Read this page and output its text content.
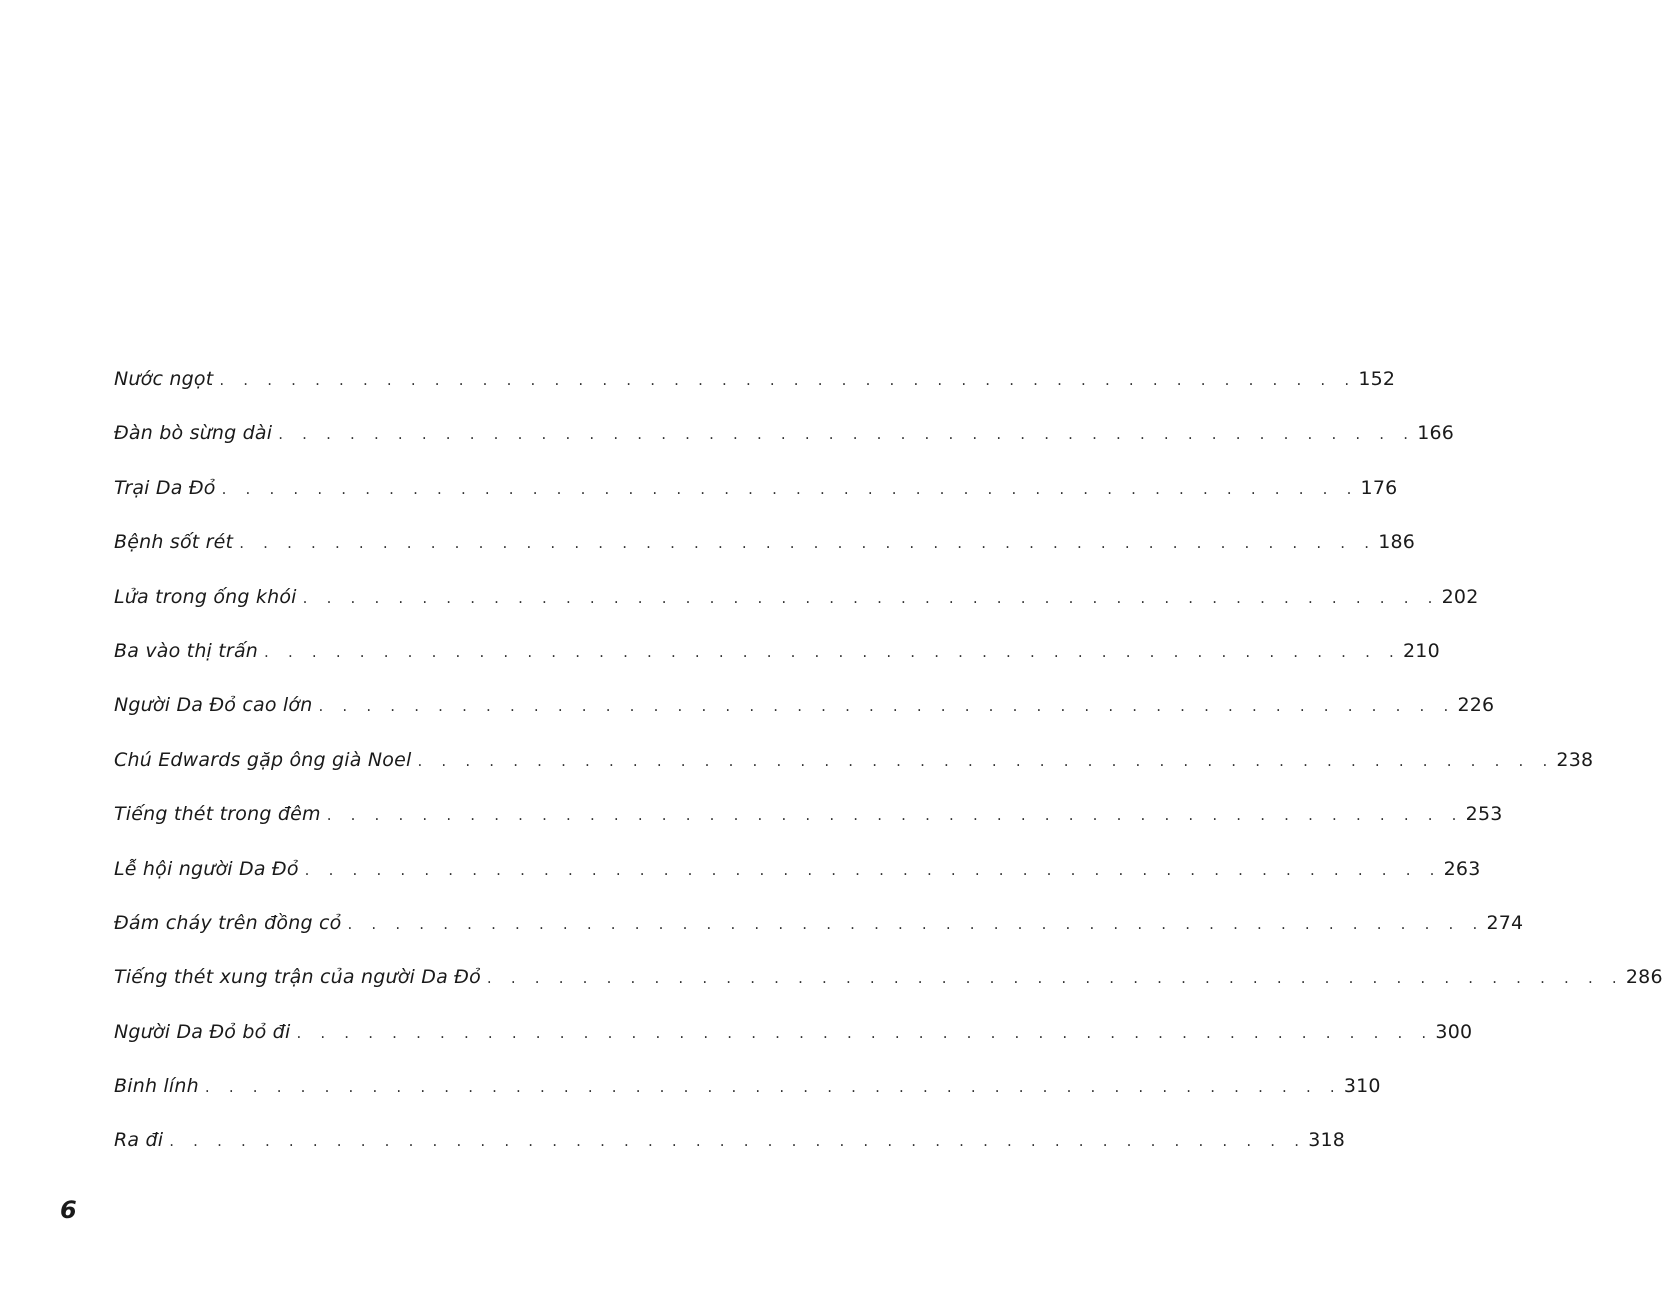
Nước ngọt . . . . . . . . . . . . . . . . . . . . . . . . . . . . . . . . . . . . . . . . . . . . . . . . 152
Đàn bò sừng dài . . . . . . . . . . . . . . . . . . . . . . . . . . . . . . . . . . . . . . . . . . . . . . . . 166
Trại Da Đỏ . . . . . . . . . . . . . . . . . . . . . . . . . . . . . . . . . . . . . . . . . . . . . . . . 176
Bệnh sốt rét . . . . . . . . . . . . . . . . . . . . . . . . . . . . . . . . . . . . . . . . . . . . . . . . 186
Lửa trong ống khói . . . . . . . . . . . . . . . . . . . . . . . . . . . . . . . . . . . . . . . . . . . . . . . . 202
Ba vào thị trấn . . . . . . . . . . . . . . . . . . . . . . . . . . . . . . . . . . . . . . . . . . . . . . . . 210
Người Da Đỏ cao lớn . . . . . . . . . . . . . . . . . . . . . . . . . . . . . . . . . . . . . . . . . . . . . . . . 226
Chú Edwards gặp ông già Noel . . . . . . . . . . . . . . . . . . . . . . . . . . . . . . . . . . . . . . . . . . . . . . . . 238
Tiếng thét trong đêm . . . . . . . . . . . . . . . . . . . . . . . . . . . . . . . . . . . . . . . . . . . . . . . . 253
Lễ hội người Da Đỏ . . . . . . . . . . . . . . . . . . . . . . . . . . . . . . . . . . . . . . . . . . . . . . . . 263
Đám cháy trên đồng cỏ . . . . . . . . . . . . . . . . . . . . . . . . . . . . . . . . . . . . . . . . . . . . . . . . 274
Tiếng thét xung trận của người Da Đỏ . . . . . . . . . . . . . . . . . . . . . . . . . . . . . . . . . . . . . . . . . . . . . . . . 286
Người Da Đỏ bỏ đi . . . . . . . . . . . . . . . . . . . . . . . . . . . . . . . . . . . . . . . . . . . . . . . . 300
Binh lính . . . . . . . . . . . . . . . . . . . . . . . . . . . . . . . . . . . . . . . . . . . . . . . . 310
Ra đi . . . . . . . . . . . . . . . . . . . . . . . . . . . . . . . . . . . . . . . . . . . . . . . . 318
6
